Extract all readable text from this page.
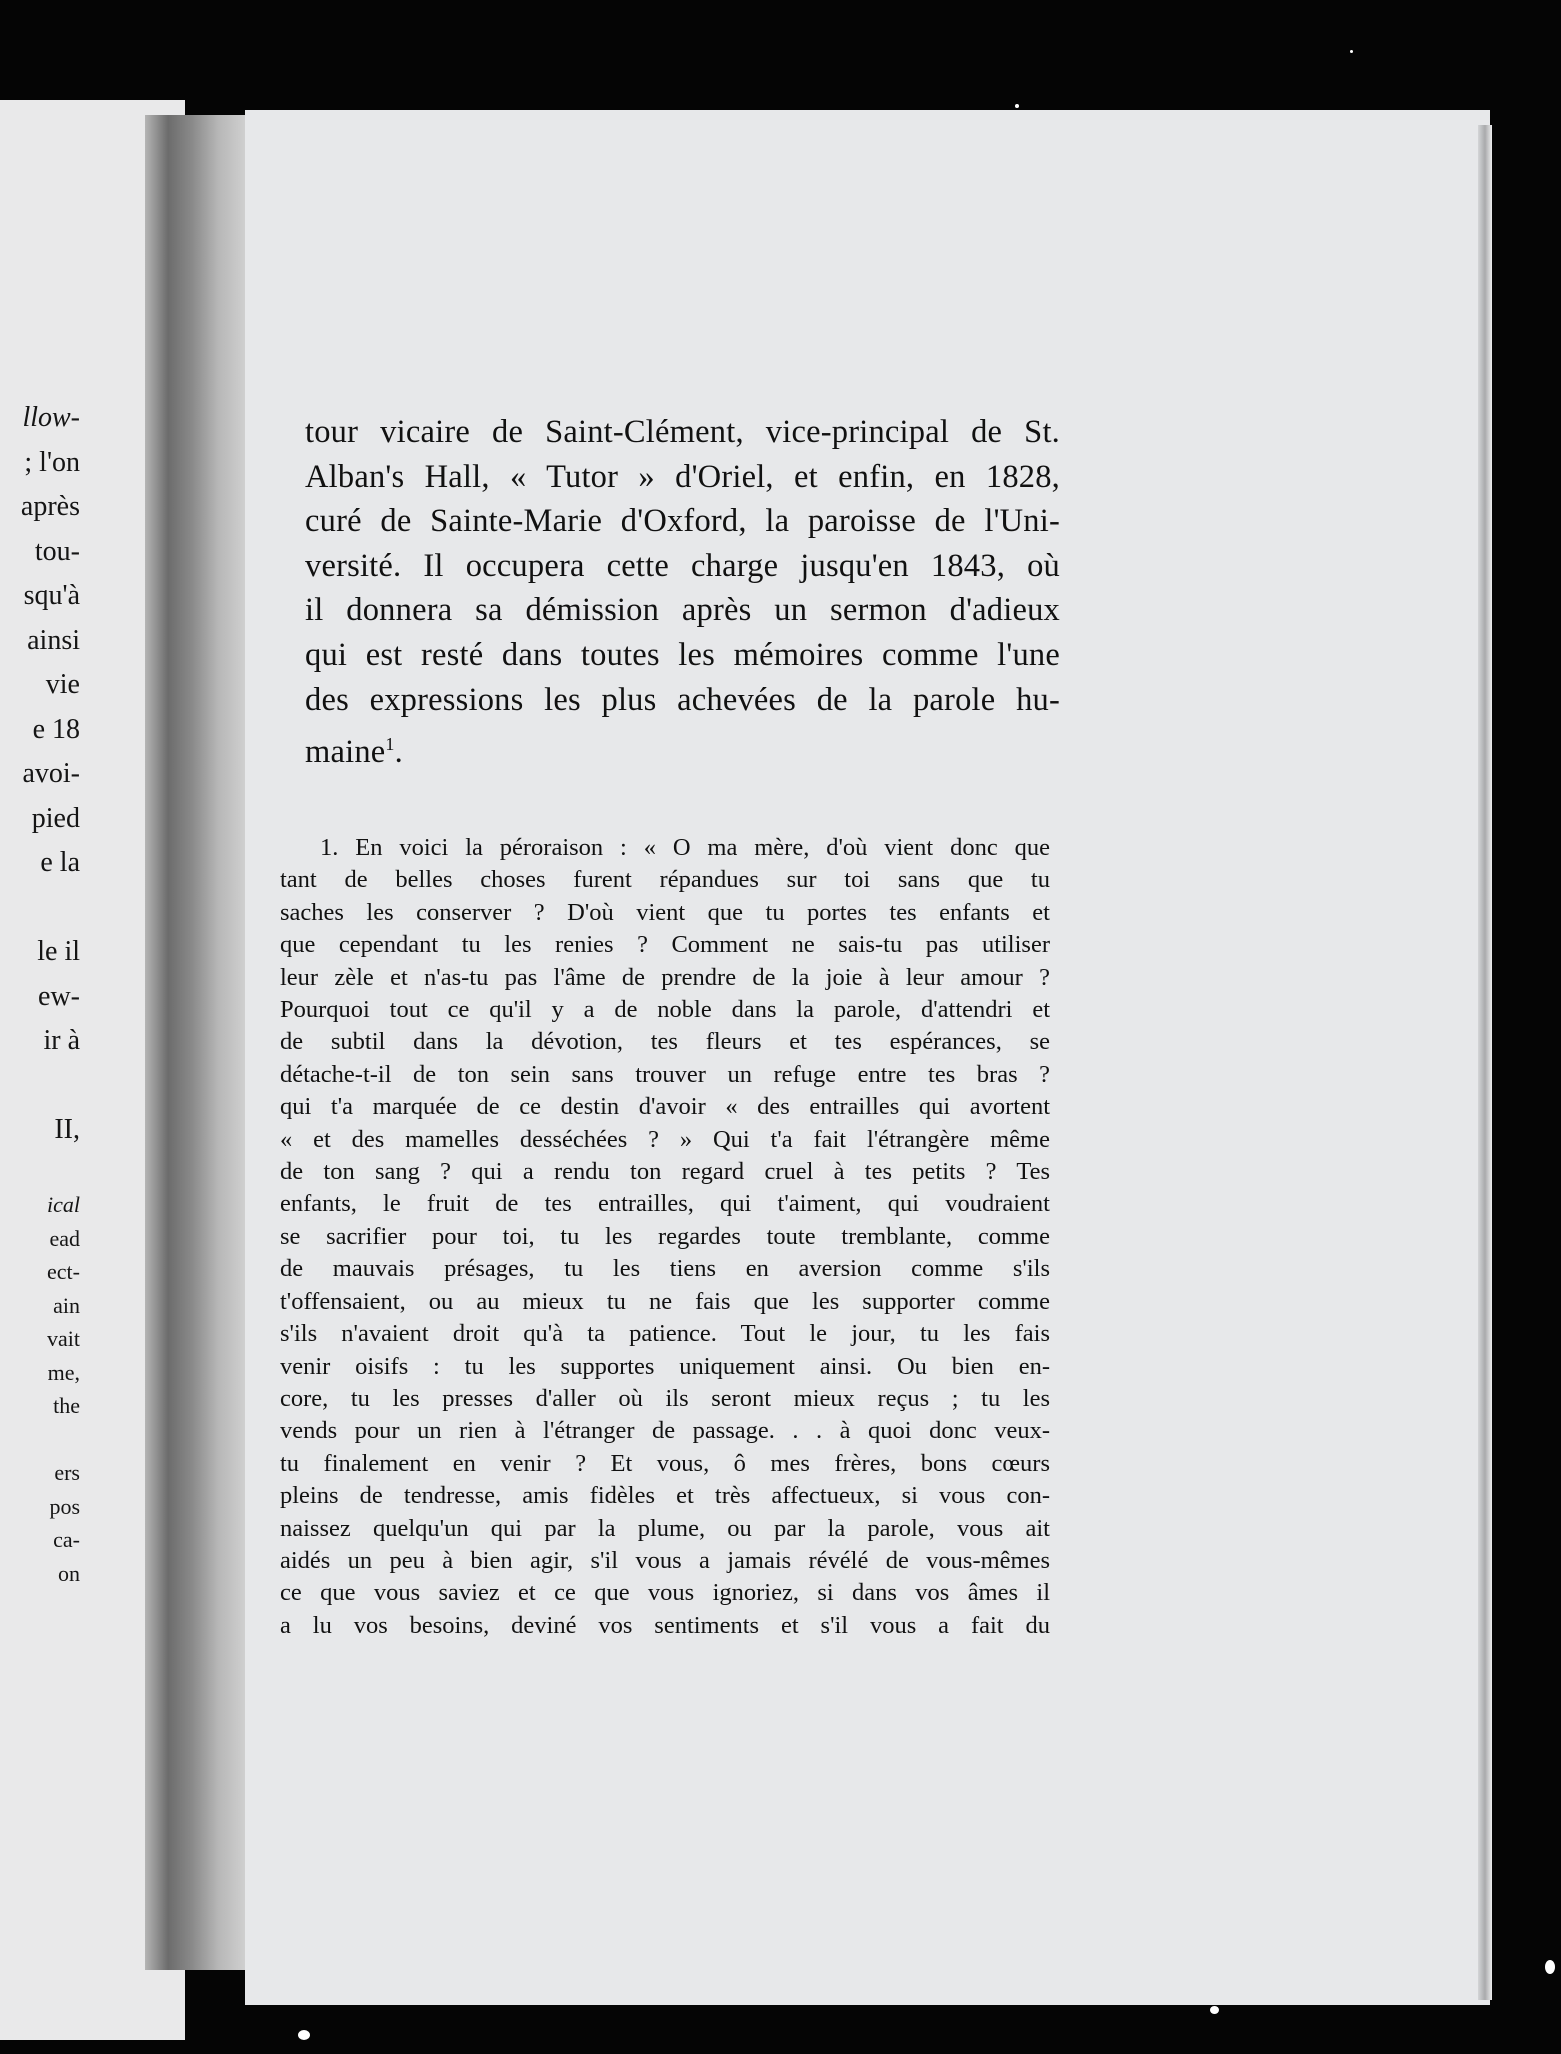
llow-
; l'on
après
tou-
squ'à
ainsi
vie
e 18
avoi-
pied
e la
le il
ew-
ir à
II,
ical
ead
ect-
ain
vait
me,
the
ers
pos
ca-
on
tour vicaire de Saint-Clément, vice-principal de St.
Alban's Hall, « Tutor » d'Oriel, et enfin, en 1828,
curé de Sainte-Marie d'Oxford, la paroisse de l'Uni-
versité. Il occupera cette charge jusqu'en 1843, où
il donnera sa démission après un sermon d'adieux
qui est resté dans toutes les mémoires comme l'une
des expressions les plus achevées de la parole hu-
maine$^1$.
1. En voici la péroraison : « O ma mère, d'où vient donc que
tant de belles choses furent répandues sur toi sans que tu
saches les conserver ? D'où vient que tu portes tes enfants et
que cependant tu les renies ? Comment ne sais-tu pas utiliser
leur zèle et n'as-tu pas l'âme de prendre de la joie à leur amour ?
Pourquoi tout ce qu'il y a de noble dans la parole, d'attendri et
de subtil dans la dévotion, tes fleurs et tes espérances, se
détache-t-il de ton sein sans trouver un refuge entre tes bras ?
qui t'a marquée de ce destin d'avoir « des entrailles qui avortent
« et des mamelles desséchées ? » Qui t'a fait l'étrangère même
de ton sang ? qui a rendu ton regard cruel à tes petits ? Tes
enfants, le fruit de tes entrailles, qui t'aiment, qui voudraient
se sacrifier pour toi, tu les regardes toute tremblante, comme
de mauvais présages, tu les tiens en aversion comme s'ils
t'offensaient, ou au mieux tu ne fais que les supporter comme
s'ils n'avaient droit qu'à ta patience. Tout le jour, tu les fais
venir oisifs : tu les supportes uniquement ainsi. Ou bien en-
core, tu les presses d'aller où ils seront mieux reçus ; tu les
vends pour un rien à l'étranger de passage. . . à quoi donc veux-
tu finalement en venir ? Et vous, ô mes frères, bons cœurs
pleins de tendresse, amis fidèles et très affectueux, si vous con-
naissez quelqu'un qui par la plume, ou par la parole, vous ait
aidés un peu à bien agir, s'il vous a jamais révélé de vous-mêmes
ce que vous saviez et ce que vous ignoriez, si dans vos âmes il
a lu vos besoins, deviné vos sentiments et s'il vous a fait du
